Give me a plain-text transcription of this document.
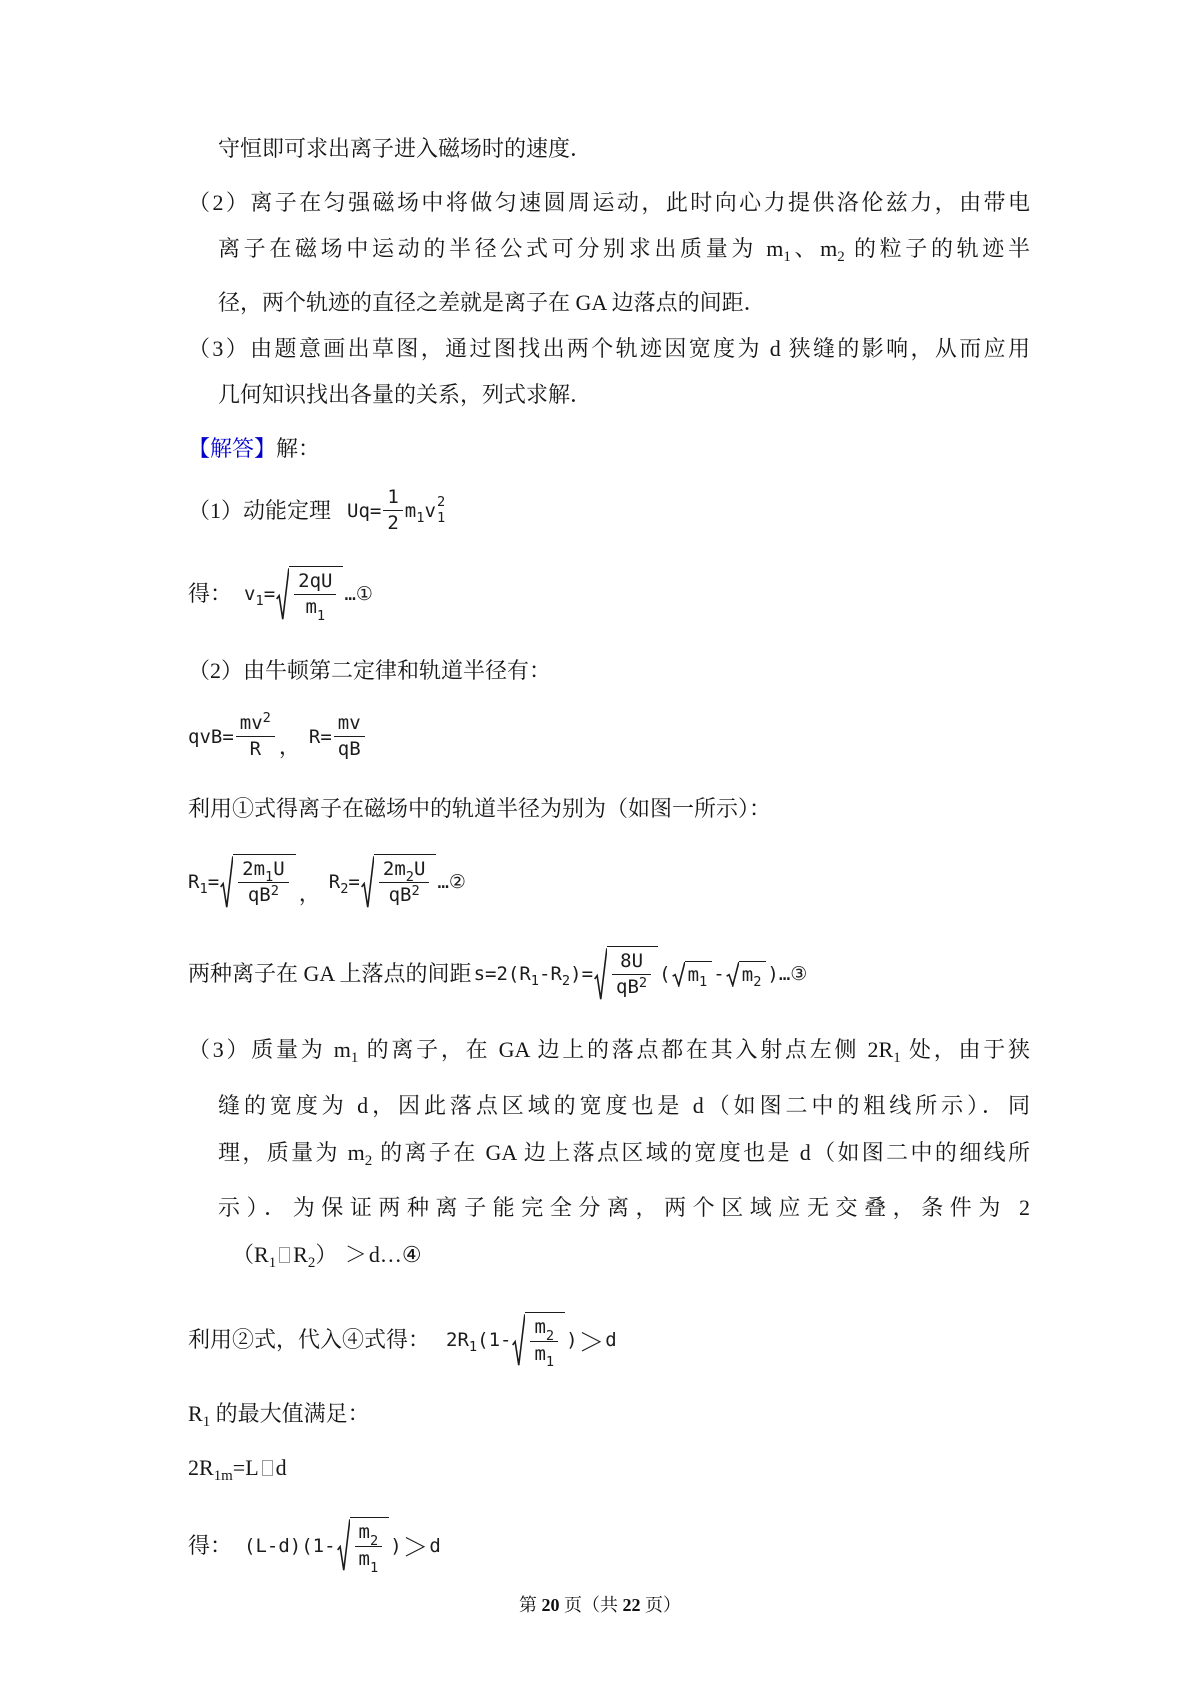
守恒即可求出离子进入磁场时的速度．
（2）离子在匀强磁场中将做匀速圆周运动，此时向心力提供洛伦兹力，由带电
离子在磁场中运动的半径公式可分别求出质量为 $m_1$、$m_2$ 的粒子的轨迹半
径，两个轨迹的直径之差就是离子在 GA 边落点的间距．
（3）由题意画出草图，通过图找出两个轨迹因宽度为 d 狭缝的影响，从而应用
几何知识找出各量的关系，列式求解．
【解答】解：
（1）动能定理 $Uq= \frac{1}{2}$ m 1 v 2
1
得： v $1 = \frac{2qU}{m 1}$ …①
（2）由牛顿第二定律和轨道半径有：
$qvB= \frac{mv 2}{R}$ ， $R= \frac{mv}{qB}$
利用①式得离子在磁场中的轨道半径为别为（如图一所示）：
R $1 = \frac{2m 1 U}{qB 2}$ ， R $2 = \frac{2m 2 U}{qB 2}$ …②
两种离子在 GA 上落点的间距 s=2(R 1 -R 2 )= $\frac{8U}{qB 2}$ ( m 1 - m 2 )…③
（3）质量为 $m_1$ 的离子，在 GA 边上的落点都在其入射点左侧 $2R_1$ 处，由于狭
缝的宽度为 d，因此落点区域的宽度也是 d（如图二中的粗线所示）．同
理，质量为 $m_2$ 的离子在 GA 边上落点区域的宽度也是 d（如图二中的细线所
示）．为保证两种离子能完全分离，两个区域应无交叠，条件为 2
（$R_1$ $R_2$） ＞d…④
利用②式，代入④式得： 2R 1 ($1- \frac{m 2}{m 1}$ ) ＞ d
$R_1$ 的最大值满足：
$2R_{1m}=L$ d
得： $(L-d)(1- \frac{m 2}{m 1}$ ) ＞ d
第 20 页（共 22 页）
